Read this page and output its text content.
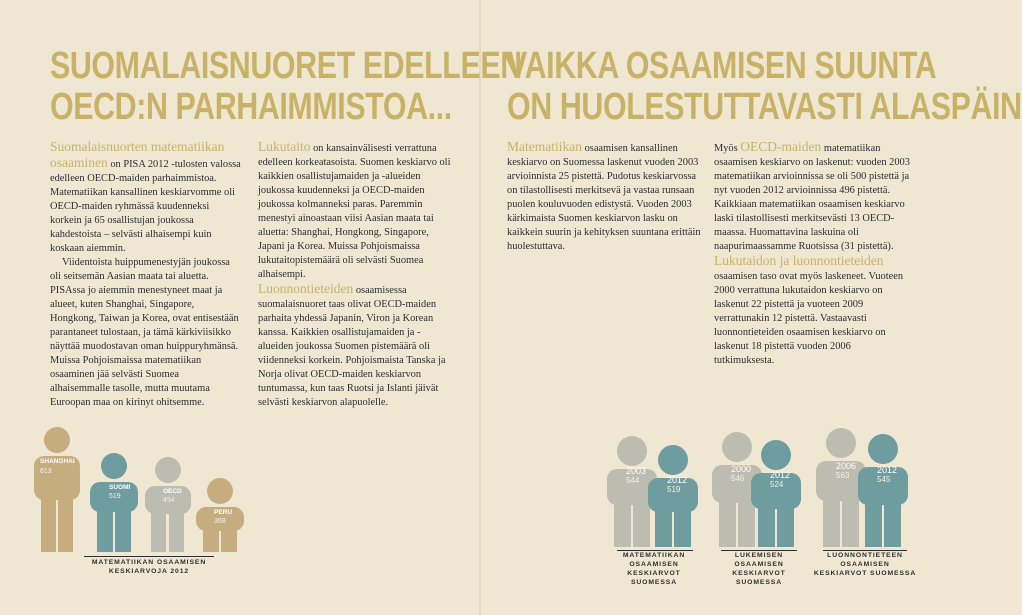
SUOMALAISNUORET EDELLEEN
OECD:N PARHAIMMISTOA...

Suomalaisnuorten matematiikan osaaminen on PISA 2012 -tulosten valossa edelleen OECD-maiden parhaimmistoa. Matematiikan kansallinen keskiarvomme oli OECD-maiden ryhmässä kuudenneksi korkein ja 65 osallistujan joukossa kahdestoista – selvästi alhaisempi kuin koskaan aiemmin.

Viidentoista huippumenestyjän joukossa oli seitsemän Aasian maata tai aluetta. PISAssa jo aiemmin menestyneet maat ja alueet, kuten Shanghai, Singapore, Hongkong, Taiwan ja Korea, ovat entisestään parantaneet tulostaan, ja tämä kärkiviisikko näyttää muodostavan oman huippuryhmänsä. Muissa Pohjoismaissa matematiikan osaaminen jää selvästi Suomea alhaisemmalle tasolle, mutta muutama Euroopan maa on kirinyt ohitsemme.

Lukutaito on kansainvälisesti verrattuna edelleen korkeatasoista. Suomen keskiarvo oli kaikkien osallistujamaiden ja -alueiden joukossa kuudenneksi ja OECD-maiden joukossa kolmanneksi paras. Paremmin menestyi ainoastaan viisi Aasian maata tai aluetta: Shanghai, Hongkong, Singapore, Japani ja Korea. Muissa Pohjoismaissa lukutaitopistemäärä oli selvästi Suomea alhaisempi.

Luonnontieteiden osaamisessa suomalaisnuoret taas olivat OECD-maiden parhaita yhdessä Japanin, Viron ja Korean kanssa. Kaikkien osallistujamaiden ja -alueiden joukossa Suomen pistemäärä oli viidenneksi korkein. Pohjoismaista Tanska ja Norja olivat OECD-maiden keskiarvon tuntumassa, kun taas Ruotsi ja Islanti jäivät selvästi keskiarvon alapuolelle.

SHANGHAI
613
SUOMI
519
OECD
494
PERU
368
MATEMATIIKAN OSAAMISEN KESKIARVOJA 2012
VAIKKA OSAAMISEN SUUNTA
ON HUOLESTUTTAVASTI ALASPÄIN

Matematiikan osaamisen kansallinen keskiarvo on Suomessa laskenut vuoden 2003 arvioinnista 25 pistettä. Pudotus keskiarvossa on tilastollisesti merkitsevä ja vastaa runsaan puolen kouluvuoden edistystä. Vuoden 2003 kärkimaista Suomen keskiarvon lasku on kaikkein suurin ja kehityksen suuntana erittäin huolestuttava.

Myös OECD-maiden matematiikan osaamisen keskiarvo on laskenut: vuoden 2003 matematiikan arvioinnissa se oli 500 pistettä ja nyt vuoden 2012 arvioinnissa 496 pistettä. Kaikkiaan matematiikan osaamisen keskiarvo laski tilastollisesti merkitsevästi 13 OECD-maassa. Huomattavina laskuina oli naapurimaassamme Ruotsissa (31 pistettä).

Lukutaidon ja luonnontieteiden osaamisen taso ovat myös laskeneet. Vuoteen 2000 verrattuna lukutaidon keskiarvo on laskenut 22 pistettä ja vuoteen 2009 verrattunakin 12 pistettä. Vastaavasti luonnontieteiden osaamisen keskiarvo on laskenut 18 pistettä vuoden 2006 tutkimuksesta.

2003
544	2012
519
2000
546	2012
524
2006
563
2012
545
MATEMATIIKAN OSAAMISEN
KESKIARVOT SUOMESSA
LUKEMISEN OSAAMISEN
KESKIARVOT SUOMESSA
LUONNONTIETEEN OSAAMISEN
KESKIARVOT SUOMESSA
